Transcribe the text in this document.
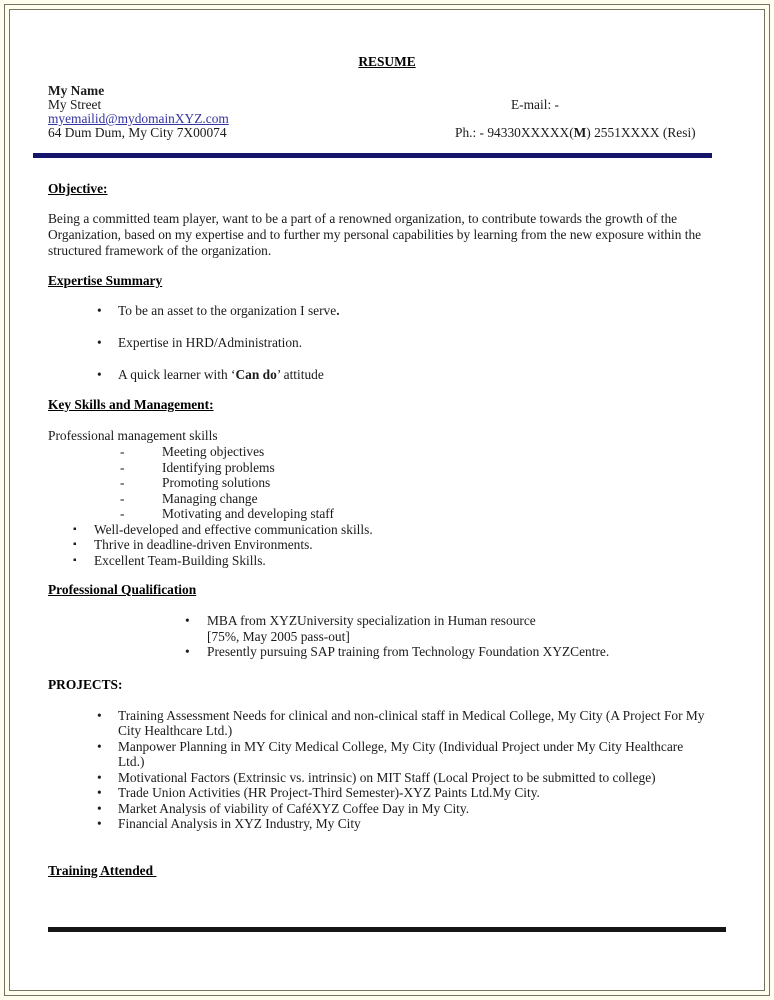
RESUME
My Name
My Street
myemailid@mydomainXYZ.com
64 Dum Dum, My City 7X00074
E-mail: -
Ph.: - 94330XXXXX(M) 2551XXXX (Resi)
Objective:
Being a committed team player, want to be a part of a renowned organization, to contribute towards the growth of the Organization, based on my expertise and to further my personal capabilities by learning from the new exposure within the structured framework of the organization.
Expertise Summary
•	To be an asset to the organization I serve.
•	Expertise in HRD/Administration.
•	A quick learner with ‘Can do’ attitude
Key Skills and Management:
Professional management skills
-	Meeting objectives
-	Identifying problems
-	Promoting solutions
-	Managing change
-	Motivating and developing staff
▪	Well-developed and effective communication skills.
▪	Thrive in deadline-driven Environments.
▪	Excellent Team-Building Skills.
Professional Qualification
•	MBA from XYZUniversity specialization in Human resource
[75%, May 2005 pass-out]
•	Presently pursuing SAP training from Technology Foundation XYZCentre.
PROJECTS:
•	Training Assessment Needs for clinical and non-clinical staff in Medical College, My City (A Project For My City Healthcare Ltd.)
•	Manpower Planning in MY City Medical College, My City (Individual Project under My City Healthcare Ltd.)
•	Motivational Factors (Extrinsic vs. intrinsic) on MIT Staff (Local Project to be submitted to college)
•	Trade Union Activities (HR Project-Third Semester)-XYZ Paints Ltd.My City.
•	Market Analysis of viability of CaféXYZ Coffee Day in My City.
•	Financial Analysis in XYZ Industry, My City
Training Attended
